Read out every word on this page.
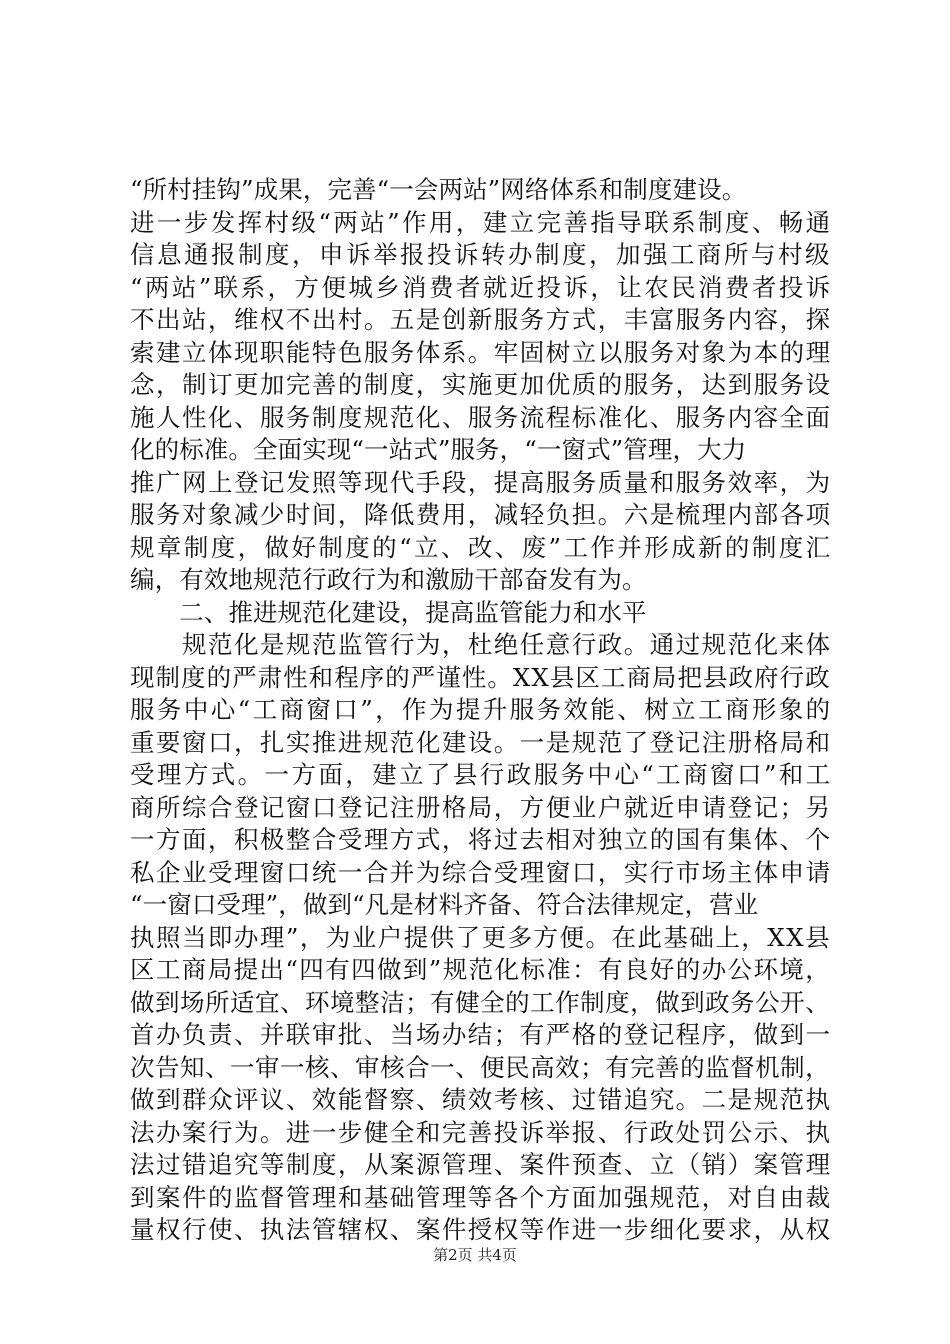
“所村挂钩”成果，完善“一会两站”网络体系和制度建设。
进一步发挥村级“两站”作用，建立完善指导联系制度、畅通
信息通报制度，申诉举报投诉转办制度，加强工商所与村级
“两站”联系，方便城乡消费者就近投诉，让农民消费者投诉
不出站，维权不出村。五是创新服务方式，丰富服务内容，探
索建立体现职能特色服务体系。牢固树立以服务对象为本的理
念，制订更加完善的制度，实施更加优质的服务，达到服务设
施人性化、服务制度规范化、服务流程标准化、服务内容全面
化的标准。全面实现“一站式”服务，“一窗式”管理，大力
推广网上登记发照等现代手段，提高服务质量和服务效率，为
服务对象减少时间，降低费用，减轻负担。六是梳理内部各项
规章制度，做好制度的“立、改、废”工作并形成新的制度汇
编，有效地规范行政行为和激励干部奋发有为。
　　二、推进规范化建设，提高监管能力和水平
　　规范化是规范监管行为，杜绝任意行政。通过规范化来体
现制度的严肃性和程序的严谨性。XX县区工商局把县政府行政
服务中心“工商窗口”，作为提升服务效能、树立工商形象的
重要窗口，扎实推进规范化建设。一是规范了登记注册格局和
受理方式。一方面，建立了县行政服务中心“工商窗口”和工
商所综合登记窗口登记注册格局，方便业户就近申请登记；另
一方面，积极整合受理方式，将过去相对独立的国有集体、个
私企业受理窗口统一合并为综合受理窗口，实行市场主体申请
“一窗口受理”，做到“凡是材料齐备、符合法律规定，营业
执照当即办理”，为业户提供了更多方便。在此基础上，XX县
区工商局提出“四有四做到”规范化标准：有良好的办公环境，
做到场所适宜、环境整洁；有健全的工作制度，做到政务公开、
首办负责、并联审批、当场办结；有严格的登记程序，做到一
次告知、一审一核、审核合一、便民高效；有完善的监督机制，
做到群众评议、效能督察、绩效考核、过错追究。二是规范执
法办案行为。进一步健全和完善投诉举报、行政处罚公示、执
法过错追究等制度，从案源管理、案件预查、立（销）案管理
到案件的监督管理和基础管理等各个方面加强规范，对自由裁
量权行使、执法管辖权、案件授权等作进一步细化要求，从权
第2页 共4页
